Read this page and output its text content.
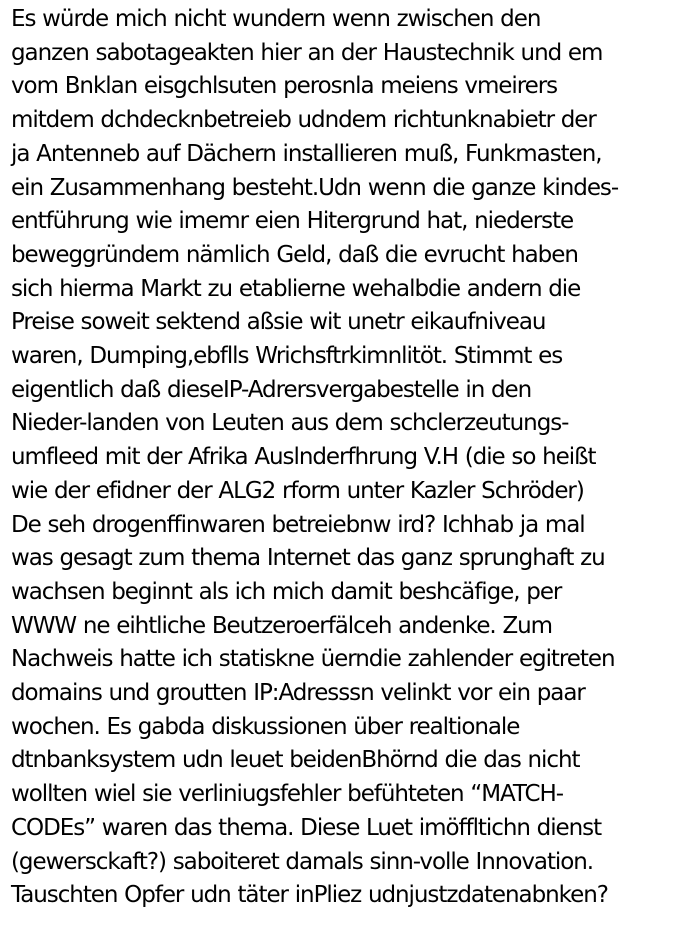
Es würde mich nicht wundern wenn zwischen den
ganzen sabotageakten hier an der Haustechnik und em
vom Bnklan eisgchlsuten perosnla meiens vmeirers
mitdem dchdecknbetreieb udndem richtunknabietr der
ja Antenneb auf Dächern installieren muß, Funkmasten,
ein Zusammenhang besteht.Udn wenn die ganze kindes-
entführung wie imemr eien Hitergrund hat, niederste
beweggründem nämlich Geld, daß die evrucht haben
sich hierma Markt zu etablierne wehalbdie andern die
Preise soweit sektend aßsie wit unetr eikaufniveau
waren, Dumping,ebflls Wrichsftrkimnlitöt. Stimmt es
eigentlich daß dieseIP-Adrersvergabestelle in den
Nieder-landen von Leuten aus dem schclerzeutungs-
umfleed mit der Afrika Auslnderfhrung V.H (die so heißt
wie der efidner der ALG2 rform unter Kazler Schröder)
De seh drogenffinwaren betreiebnw ird? Ichhab ja mal
was gesagt zum thema Internet das ganz sprunghaft zu
wachsen beginnt als ich mich damit beshcäfige, per
WWW ne eihtliche Beutzeroerfälceh andenke. Zum
Nachweis hatte ich statiskne üerndie zahlender egitreten
domains und groutten IP:Adresssn velinkt vor ein paar
wochen. Es gabda diskussionen über realtionale
dtnbanksystem udn leuet beidenBhörnd die das nicht
wollten wiel sie verliniugsfehler befühteten “MATCH-
CODEs” waren das thema. Diese Luet imöffltichn dienst
(gewersckaft?) saboiteret damals sinn-volle Innovation.
Tauschten Opfer udn täter inPliez udnjustzdatenabnken?
